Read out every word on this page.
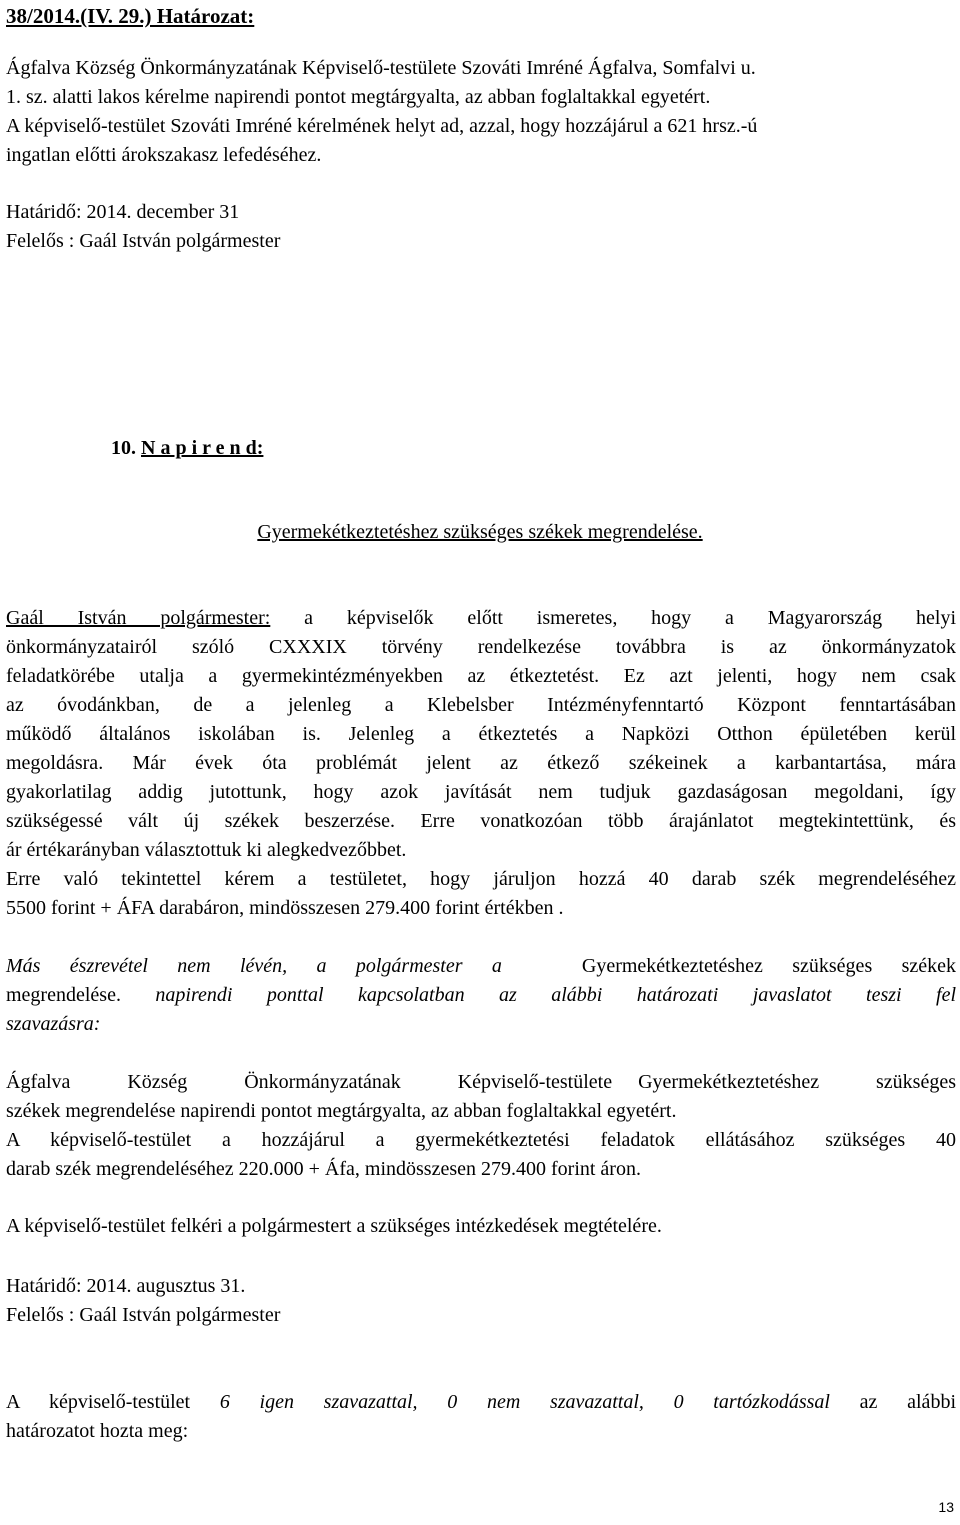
38/2014.(IV. 29.) Határozat:
Ágfalva Község Önkormányzatának Képviselő-testülete Szováti Imréné Ágfalva, Somfalvi u.
1. sz. alatti lakos kérelme napirendi pontot megtárgyalta, az abban foglaltakkal egyetért.
A képviselő-testület Szováti Imréné kérelmének helyt ad, azzal, hogy hozzájárul a 621 hrsz.-ú
ingatlan előtti árokszakasz lefedéséhez.
Határidő: 2014. december 31
Felelős : Gaál István polgármester
10. N a p i r e n d:
Gyermekétkeztetéshez szükséges székek megrendelése.
Gaál István polgármester: a képviselők előtt ismeretes, hogy a Magyarország helyi
önkormányzatairól szóló CXXXIX törvény rendelkezése továbbra is az önkormányzatok
feladatkörébe utalja a gyermekintézményekben az étkeztetést. Ez azt jelenti, hogy nem csak
az óvodánkban, de a jelenleg a Klebelsber Intézményfenntartó Központ fenntartásában
működő általános iskolában is. Jelenleg a étkeztetés a Napközi Otthon épületében kerül
megoldásra. Már évek óta problémát jelent az étkező székeinek a karbantartása, mára
gyakorlatilag addig jutottunk, hogy azok javítását nem tudjuk gazdaságosan megoldani, így
szükségessé vált új székek beszerzése. Erre vonatkozóan több árajánlatot megtekintettünk, és
ár értékarányban választottuk ki alegkedvezőbbet.
Erre való tekintettel kérem a testületet, hogy járuljon hozzá 40 darab szék megrendeléséhez
5500 forint + ÁFA darabáron, mindösszesen 279.400 forint értékben .
Más észrevétel nem lévén, a polgármester a	Gyermekétkeztetéshez szükséges székek
megrendelése. napirendi ponttal kapcsolatban az alábbi határozati javaslatot teszi fel
szavazásra:
Ágfalva Község Önkormányzatának Képviselő-testülete Gyermekétkeztetéshez szükséges
székek megrendelése napirendi pontot megtárgyalta, az abban foglaltakkal egyetért.
A képviselő-testület a hozzájárul a gyermekétkeztetési feladatok ellátásához szükséges 40
darab szék megrendeléséhez 220.000 + Áfa, mindösszesen 279.400 forint áron.
A képviselő-testület felkéri a polgármestert a szükséges intézkedések megtételére.
Határidő: 2014. augusztus 31.
Felelős : Gaál István polgármester
A képviselő-testület 6 igen szavazattal, 0 nem szavazattal, 0 tartózkodással az alábbi
határozatot hozta meg:
13
